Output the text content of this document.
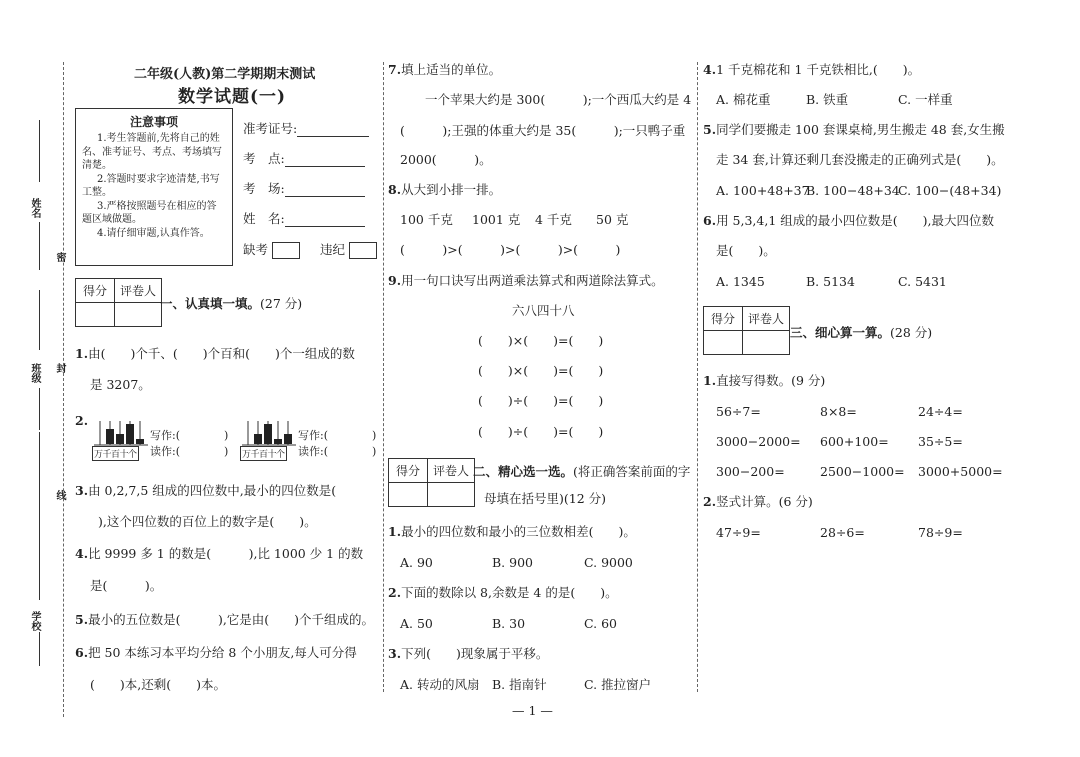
姓名
密
班级 封
线
学校
二年级(人教)第二学期期末测试
数学试题(一)
注意事项

1.考生答题前,先将自己的姓名、准考证号、考点、考场填写清楚。

2.答题时要求字迹清楚,书写工整。

3.严格按照题号在相应的答题区域做题。

4.请仔细审题,认真作答。

准考证号:
考　点:
考　场:
姓　名:
缺考	违纪
得分	评卷人

一、认真填一填。(27 分)
1.由(　　)个千、(　　)个百和(　　)个一组成的数
是 3207。
2.
万千百十个
写作:(　　　　)
读作:(　　　　) 万千百十个
写作:(　　　　)
读作:(　　　　)
3.由 0,2,7,5 组成的四位数中,最小的四位数是(
),这个四位数的百位上的数字是(　　)。
4.比 9999 多 1 的数是(　　　),比 1000 少 1 的数
是(　　　)。
5.最小的五位数是(　　　),它是由(　　)个千组成的。
6.把 50 本练习本平均分给 8 个小朋友,每人可分得
(　　)本,还剩(　　)本。
7.填上适当的单位。
一个苹果大约是 300(　　　);一个西瓜大约是 4
(　　　);王强的体重大约是 35(　　　);一只鸭子重
2000(　　　)。
8.从大到小排一排。
100 千克 1001 克 4 千克 50 克
(　　　)>(　　　)>(　　　)>(　　　)
9.用一句口诀写出两道乘法算式和两道除法算式。
六八四十八
(　　)×(　　)=(　　)
(　　)×(　　)=(　　)
(　　)÷(　　)=(　　)
(　　)÷(　　)=(　　)
得分	评卷人
	二、精心选一选。(将正确答案前面的字
母填在括号里)(12 分)
1.最小的四位数和最小的三位数相差(　　)。
A. 90	B. 900	C. 9000
2.下面的数除以 8,余数是 4 的是(　　)。
A. 50	B. 30	C. 60
3.下列(　　)现象属于平移。
A. 转动的风扇 B. 指南针	C. 推拉窗户
4.1 千克棉花和 1 千克铁相比,(　　)。
A. 棉花重	B. 铁重	C. 一样重
5.同学们要搬走 100 套课桌椅,男生搬走 48 套,女生搬
走 34 套,计算还剩几套没搬走的正确列式是(　　)。
A. 100+48+37
B. 100−48+34
C. 100−(48+34)
6.用 5,3,4,1 组成的最小四位数是(　　),最大四位数
是(　　)。
A. 1345	B. 5134	C. 5431
得分	评卷人

三、细心算一算。(28 分)
1.直接写得数。(9 分)
56÷7=	8×8=	24÷4=
3000−2000= 600+100= 35÷5=
300−200=	2500−1000= 3000+5000=
2.竖式计算。(6 分)
47÷9=	28÷6=	78÷9=
— 1 —
